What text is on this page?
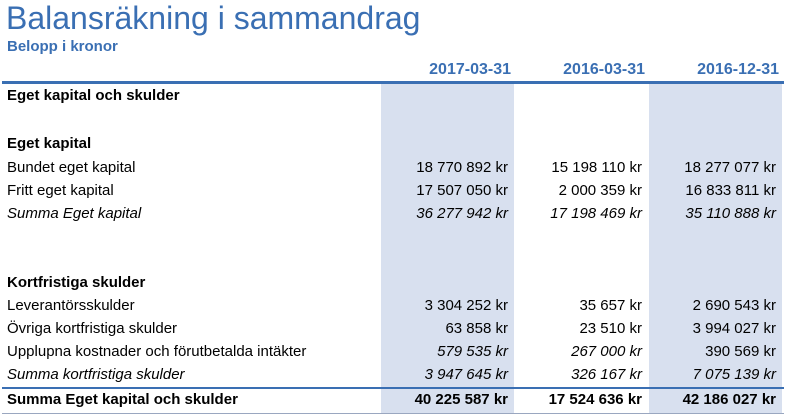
Balansräkning i sammandrag
Belopp i kronor
2017-03-31	2016-03-31	2016-12-31
Eget kapital och skulder
Eget kapital
Bundet eget kapital	18 770 892 kr	15 198 110 kr	18 277 077 kr
Fritt eget kapital	17 507 050 kr	2 000 359 kr	16 833 811 kr
Summa Eget kapital	36 277 942 kr	17 198 469 kr	35 110 888 kr
Kortfristiga skulder
Leverantörsskulder	3 304 252 kr	35 657 kr	2 690 543 kr
Övriga kortfristiga skulder	63 858 kr	23 510 kr	3 994 027 kr
Upplupna kostnader och förutbetalda intäkter	579 535 kr	267 000 kr	390 569 kr
Summa kortfristiga skulder	3 947 645 kr	326 167 kr	7 075 139 kr
Summa Eget kapital och skulder	40 225 587 kr	17 524 636 kr	42 186 027 kr
